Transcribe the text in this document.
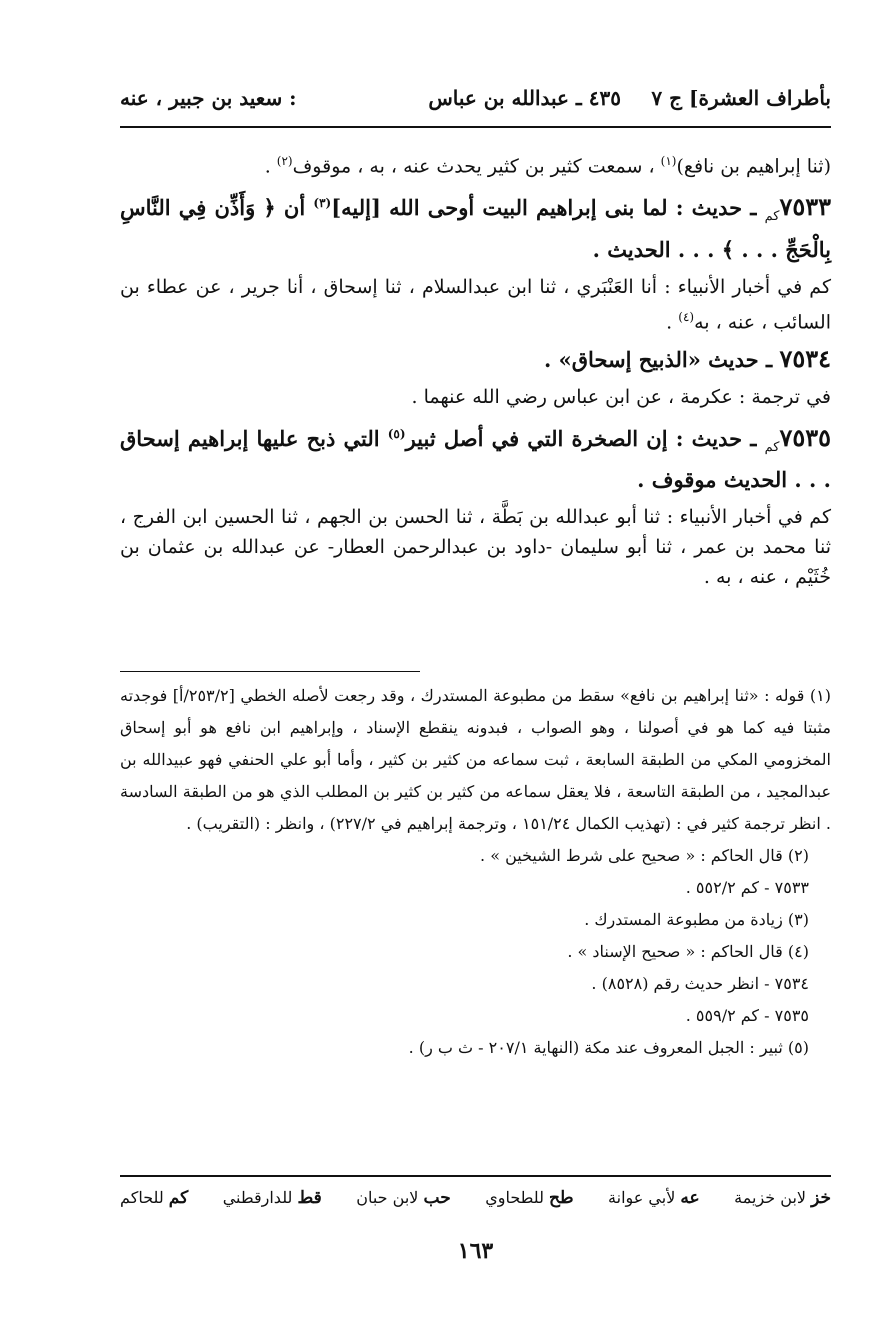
بأطراف العشرة] ج ٧
٤٣٥ ـ عبدالله بن عباس
: سعيد بن جبير ، عنه

(ثنا إبراهيم بن نافع)$^{(١)}$ ، سمعت كثير بن كثير يحدث عنه ، به ، موقوف$^{(٢)}$ .

$٧٥٣٣_{كم}$ ـ حديث : لما بنى إبراهيم البيت أوحى الله [إليه]$^{(٣)}$ أن ﴿ وَأَذِّن فِي النَّاسِ بِالْحَجِّ . . . ﴾ . . . الحديث .

كم في أخبار الأنبياء : أنا العَنْبَري ، ثنا ابن عبدالسلام ، ثنا إسحاق ، أنا جرير ، عن عطاء بن السائب ، عنه ، به$^{(٤)}$ .

٧٥٣٤ ـ حديث «الذبيح إسحاق» .

في ترجمة : عكرمة ، عن ابن عباس رضي الله عنهما .

$٧٥٣٥_{كم}$ ـ حديث : إن الصخرة التي في أصل ثبير$^{(٥)}$ التي ذبح عليها إبراهيم إسحاق . . . الحديث موقوف .

كم في أخبار الأنبياء : ثنا أبو عبدالله بن بَطَّة ، ثنا الحسن بن الجهم ، ثنا الحسين ابن الفرج ، ثنا محمد بن عمر ، ثنا أبو سليمان -داود بن عبدالرحمن العطار- عن عبدالله بن عثمان بن خُثَيْم ، عنه ، به .

(١) قوله : «ثنا إبراهيم بن نافع» سقط من مطبوعة المستدرك ، وقد رجعت لأصله الخطي [٢٥٣/٢/أ] فوجدته مثبتا فيه كما هو في أصولنا ، وهو الصواب ، فبدونه ينقطع الإسناد ، وإبراهيم ابن نافع هو أبو إسحاق المخزومي المكي من الطبقة السابعة ، ثبت سماعه من كثير بن كثير ، وأما أبو علي الحنفي فهو عبيدالله بن عبدالمجيد ، من الطبقة التاسعة ، فلا يعقل سماعه من كثير بن كثير بن المطلب الذي هو من الطبقة السادسة . انظر ترجمة كثير في : (تهذيب الكمال ١٥١/٢٤ ، وترجمة إبراهيم في ٢٢٧/٢) ، وانظر : (التقريب) .

(٢) قال الحاكم : « صحيح على شرط الشيخين » .

٧٥٣٣ - كم ٥٥٢/٢ .

(٣) زيادة من مطبوعة المستدرك .

(٤) قال الحاكم : « صحيح الإسناد » .

٧٥٣٤ - انظر حديث رقم (٨٥٢٨) .

٧٥٣٥ - كم ٥٥٩/٢ .

(٥) ثبير : الجبل المعروف عند مكة (النهاية ٢٠٧/١ - ث ب ر) .

خز لابن خزيمة
عه لأبي عوانة
طح للطحاوي
حب لابن حبان
قط للدارقطني
كم للحاكم
١٦٣
